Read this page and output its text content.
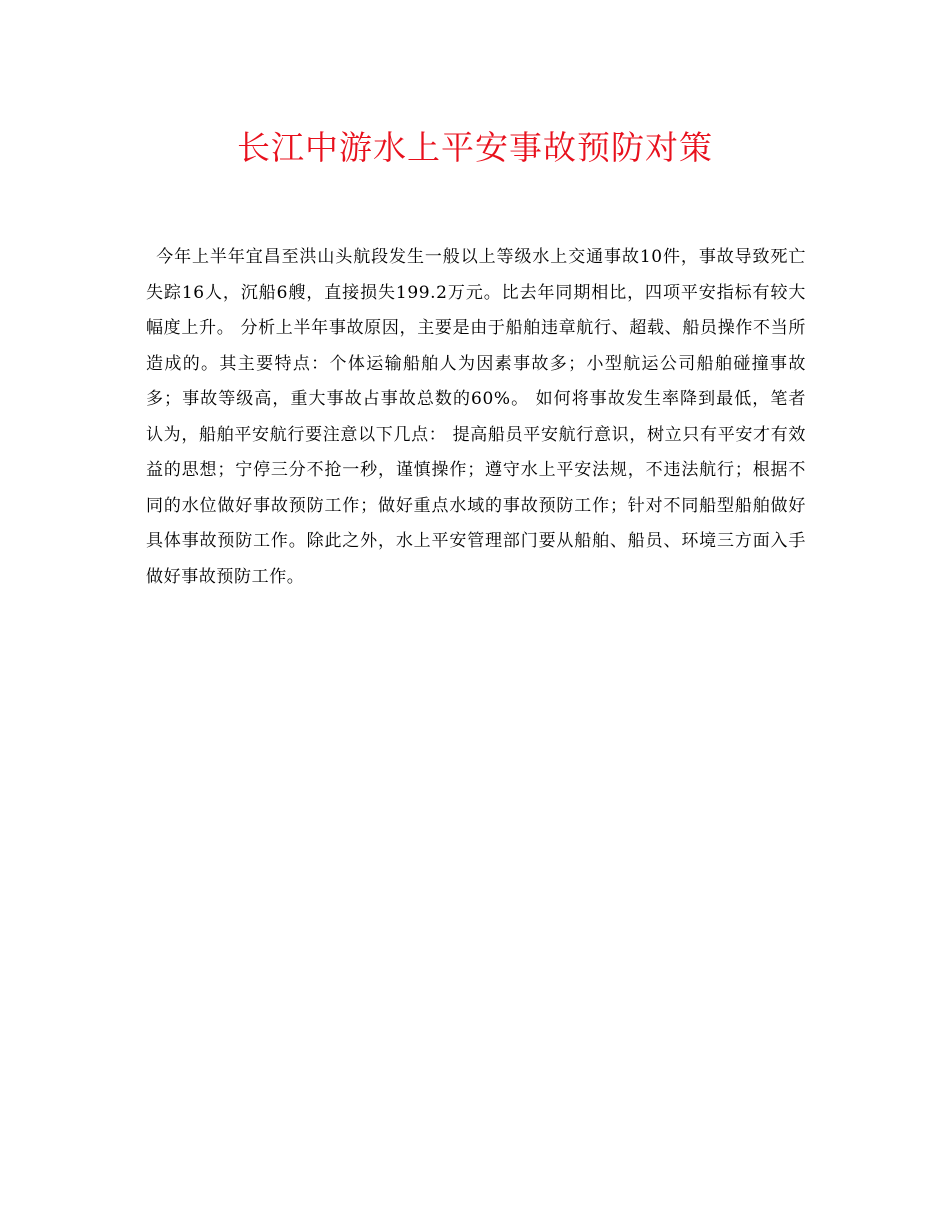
长江中游水上平安事故预防对策

今年上半年宜昌至洪山头航段发生一般以上等级水上交通事故10件，事故导致死亡失踪16人，沉船6艘，直接损失199.2万元。比去年同期相比，四项平安指标有较大幅度上升。 分析上半年事故原因，主要是由于船舶违章航行、超载、船员操作不当所造成的。其主要特点：个体运输船舶人为因素事故多；小型航运公司船舶碰撞事故多；事故等级高，重大事故占事故总数的60%。 如何将事故发生率降到最低，笔者认为，船舶平安航行要注意以下几点： 提高船员平安航行意识，树立只有平安才有效益的思想；宁停三分不抢一秒，谨慎操作；遵守水上平安法规，不违法航行；根据不同的水位做好事故预防工作；做好重点水域的事故预防工作；针对不同船型船舶做好具体事故预防工作。除此之外，水上平安管理部门要从船舶、船员、环境三方面入手做好事故预防工作。
